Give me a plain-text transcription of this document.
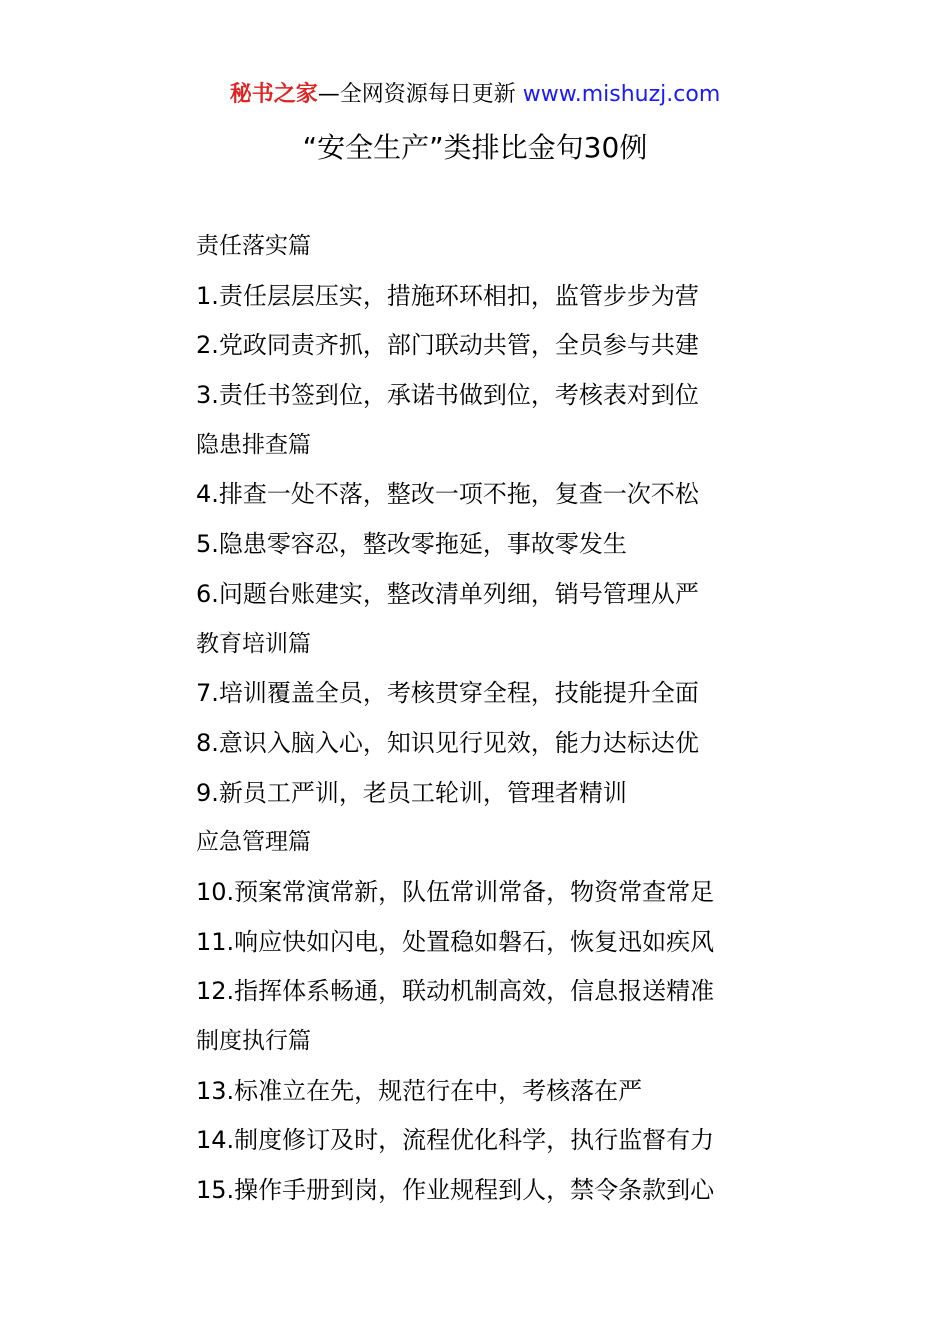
秘书之家—全网资源每日更新 www.mishuzj.com
“安全生产”类排比金句30例
责任落实篇
1.责任层层压实，措施环环相扣，监管步步为营
2.党政同责齐抓，部门联动共管，全员参与共建
3.责任书签到位，承诺书做到位，考核表对到位
隐患排查篇
4.排查一处不落，整改一项不拖，复查一次不松
5.隐患零容忍，整改零拖延，事故零发生
6.问题台账建实，整改清单列细，销号管理从严
教育培训篇
7.培训覆盖全员，考核贯穿全程，技能提升全面
8.意识入脑入心，知识见行见效，能力达标达优
9.新员工严训，老员工轮训，管理者精训
应急管理篇
10.预案常演常新，队伍常训常备，物资常查常足
11.响应快如闪电，处置稳如磐石，恢复迅如疾风
12.指挥体系畅通，联动机制高效，信息报送精准
制度执行篇
13.标准立在先，规范行在中，考核落在严
14.制度修订及时，流程优化科学，执行监督有力
15.操作手册到岗，作业规程到人，禁令条款到心
